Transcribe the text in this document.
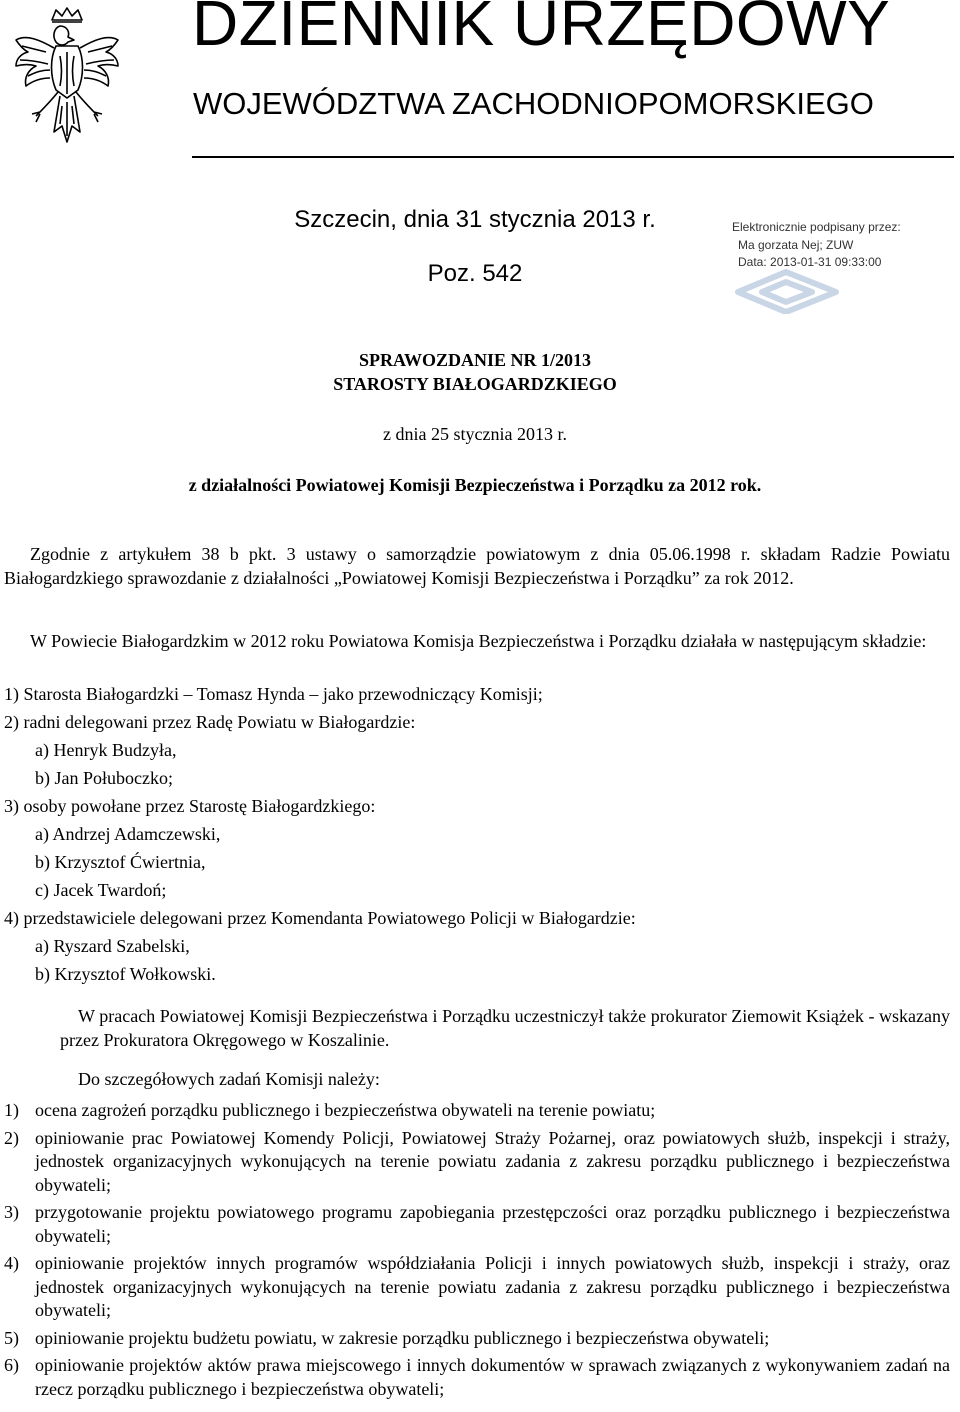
DZIENNIK URZĘDOWY
WOJEWÓDZTWA ZACHODNIOPOMORSKIEGO
Szczecin, dnia 31 stycznia 2013 r.
Poz. 542
Elektronicznie podpisany przez:
Ma gorzata Nej; ZUW
Data: 2013-01-31 09:33:00
SPRAWOZDANIE NR 1/2013
STAROSTY BIAŁOGARDZKIEGO
z dnia 25 stycznia 2013 r.
z działalności Powiatowej Komisji Bezpieczeństwa i Porządku za 2012 rok.
Zgodnie z artykułem 38 b pkt. 3 ustawy o samorządzie powiatowym z dnia 05.06.1998 r. składam Radzie Powiatu Białogardzkiego sprawozdanie z działalności „Powiatowej Komisji Bezpieczeństwa i Porządku” za rok 2012.
W Powiecie Białogardzkim w 2012 roku Powiatowa Komisja Bezpieczeństwa i Porządku działała w następującym składzie:
1) Starosta Białogardzki – Tomasz Hynda – jako przewodniczący Komisji;
2) radni delegowani przez Radę Powiatu w Białogardzie:
a) Henryk Budzyła,
b) Jan Połuboczko;
3) osoby powołane przez Starostę Białogardzkiego:
a) Andrzej Adamczewski,
b) Krzysztof Ćwiertnia,
c) Jacek Twardoń;
4) przedstawiciele delegowani przez Komendanta Powiatowego Policji w Białogardzie:
a) Ryszard Szabelski,
b) Krzysztof Wołkowski.
W pracach Powiatowej Komisji Bezpieczeństwa i Porządku uczestniczył także prokurator Ziemowit Książek - wskazany przez Prokuratora Okręgowego w Koszalinie.
Do szczegółowych zadań Komisji należy:
1) ocena zagrożeń porządku publicznego i bezpieczeństwa obywateli na terenie powiatu;
2) opiniowanie prac Powiatowej Komendy Policji, Powiatowej Straży Pożarnej, oraz powiatowych służb, inspekcji i straży, jednostek organizacyjnych wykonujących na terenie powiatu zadania z zakresu porządku publicznego i bezpieczeństwa obywateli;
3) przygotowanie projektu powiatowego programu zapobiegania przestępczości oraz porządku publicznego i bezpieczeństwa obywateli;
4) opiniowanie projektów innych programów współdziałania Policji i innych powiatowych służb, inspekcji i straży, oraz jednostek organizacyjnych wykonujących na terenie powiatu zadania z zakresu porządku publicznego i bezpieczeństwa obywateli;
5) opiniowanie projektu budżetu powiatu, w zakresie porządku publicznego i bezpieczeństwa obywateli;
6) opiniowanie projektów aktów prawa miejscowego i innych dokumentów w sprawach związanych z wykonywaniem zadań na rzecz porządku publicznego i bezpieczeństwa obywateli;
